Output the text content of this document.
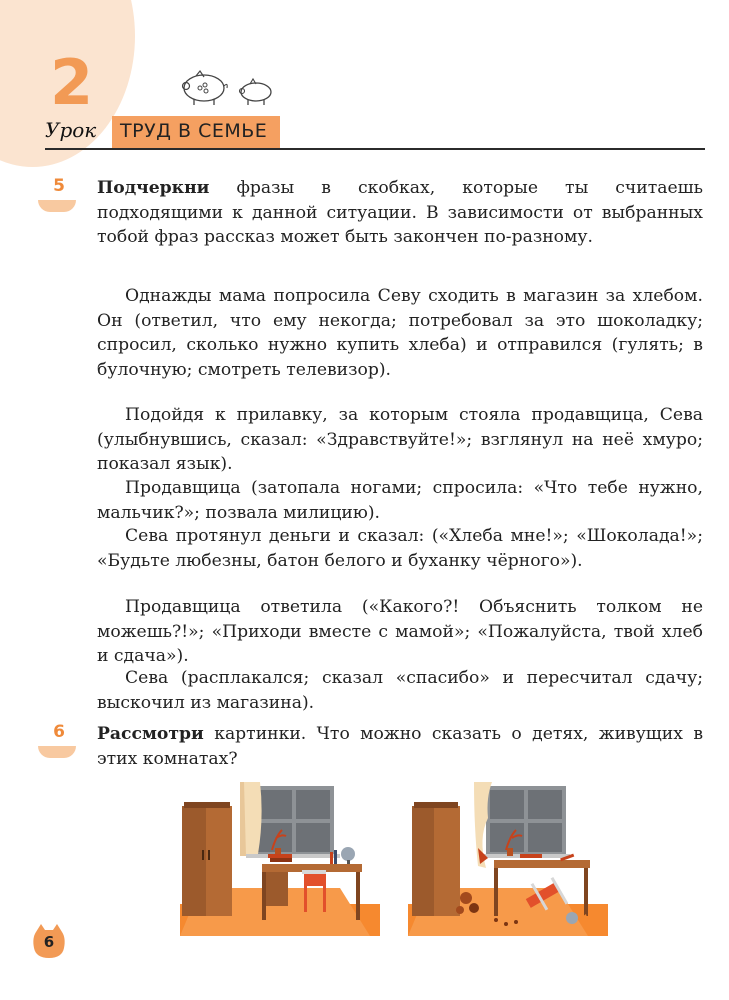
2
Урок ТРУД В СЕМЬЕ
5	Подчеркни фразы в скобках, которые ты считаешь подходящими к данной ситуации. В зависимости от выбранных тобой фраз рассказ может быть закончен по-разному.

Однажды мама попросила Севу сходить в магазин за хлебом. Он (ответил, что ему некогда; потребовал за это шоколадку; спросил, сколько нужно купить хлеба) и отправился (гулять; в булочную; смотреть телевизор).

Подойдя к прилавку, за которым стояла продавщица, Сева (улыбнувшись, сказал: «Здравствуйте!»; взглянул на неё хмуро; показал язык).

Продавщица (затопала ногами; спросила: «Что тебе нужно, мальчик?»; позвала милицию).

Сева протянул деньги и сказал: («Хлеба мне!»; «Шоколада!»; «Будьте любезны, батон белого и буханку чёрного»).

Продавщица ответила («Какого?! Объяснить толком не можешь?!»; «Приходи вместе с мамой»; «Пожалуйста, твой хлеб и сдача»).

Сева (расплакался; сказал «спасибо» и пересчитал сдачу; выскочил из магазина).

6	Рассмотри картинки. Что можно сказать о детях, живущих в этих комнатах?

6
